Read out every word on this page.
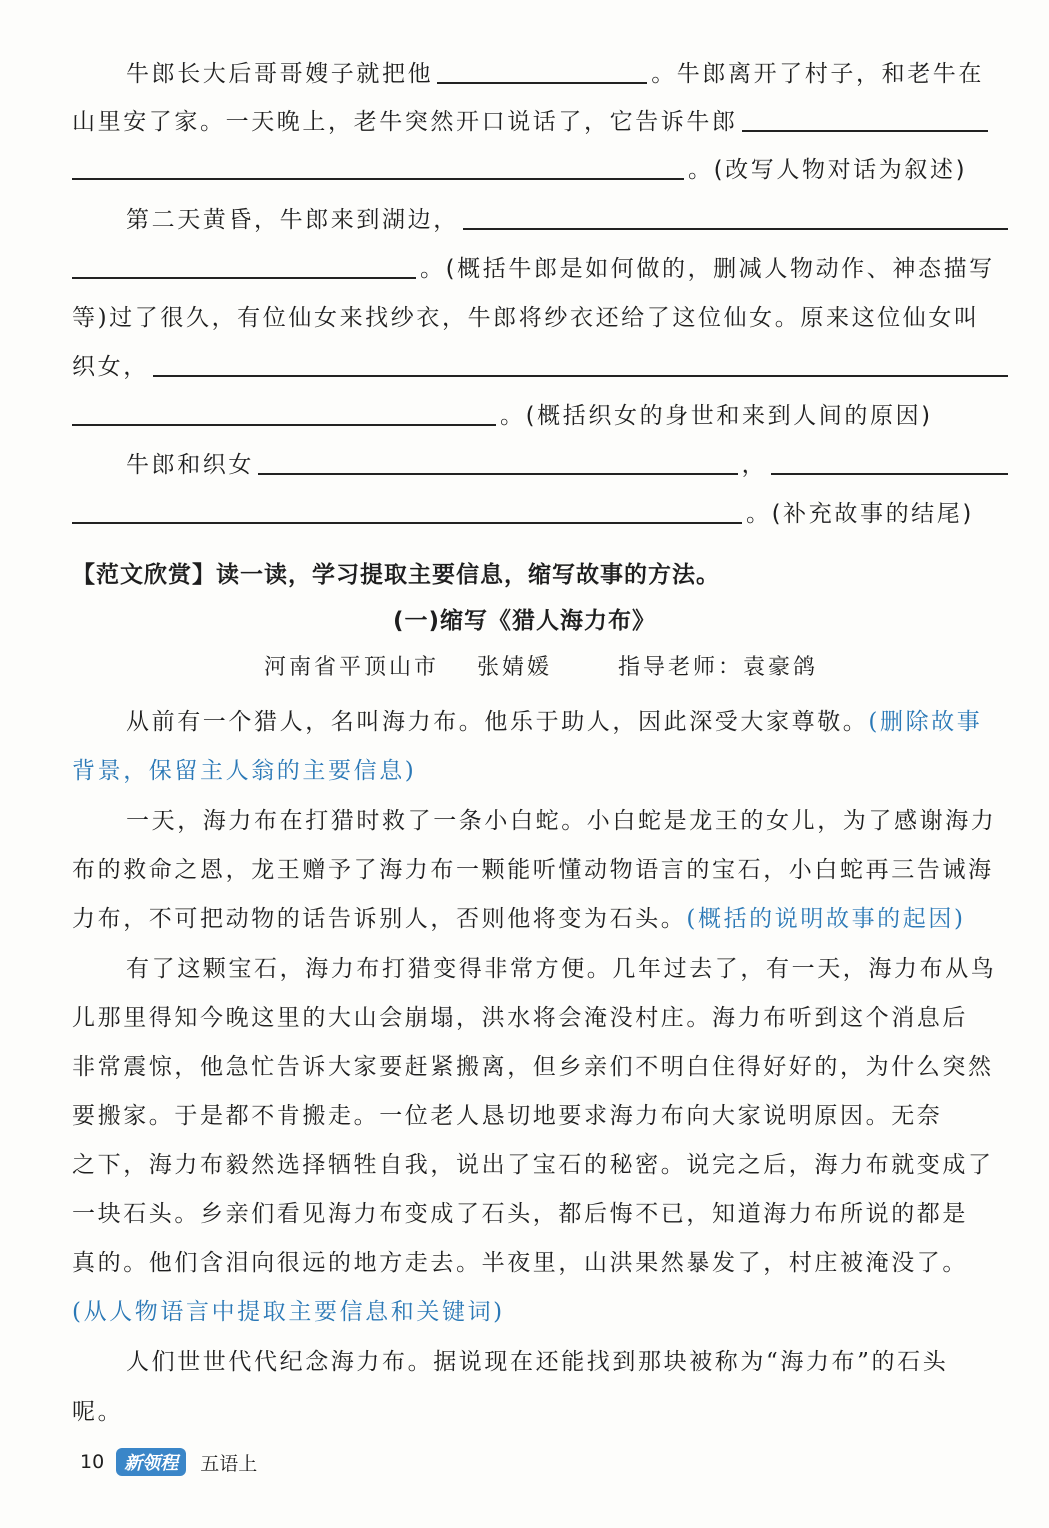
牛郎长大后哥哥嫂子就把他	。牛郎离开了村子，和老牛在
山里安了家。一天晚上，老牛突然开口说话了，它告诉牛郎
。(改写人物对话为叙述)
第二天黄昏，牛郎来到湖边，
。(概括牛郎是如何做的，删减人物动作、神态描写
等)过了很久，有位仙女来找纱衣，牛郎将纱衣还给了这位仙女。原来这位仙女叫
织女，
。(概括织女的身世和来到人间的原因)
牛郎和织女	，
。(补充故事的结尾)
【范文欣赏】读一读，学习提取主要信息，缩写故事的方法。
(一)缩写《猎人海力布》
河南省平顶山市 张婧媛	指导老师：袁豪鸽
从前有一个猎人，名叫海力布。他乐于助人，因此深受大家尊敬。 (删除故事
背景，保留主人翁的主要信息)
一天，海力布在打猎时救了一条小白蛇。小白蛇是龙王的女儿，为了感谢海力
布的救命之恩，龙王赠予了海力布一颗能听懂动物语言的宝石，小白蛇再三告诫海
力布，不可把动物的话告诉别人，否则他将变为石头。 (概括的说明故事的起因)
有了这颗宝石，海力布打猎变得非常方便。几年过去了，有一天，海力布从鸟
儿那里得知今晚这里的大山会崩塌，洪水将会淹没村庄。海力布听到这个消息后
非常震惊，他急忙告诉大家要赶紧搬离，但乡亲们不明白住得好好的，为什么突然
要搬家。于是都不肯搬走。一位老人恳切地要求海力布向大家说明原因。无奈
之下，海力布毅然选择牺牲自我，说出了宝石的秘密。说完之后，海力布就变成了
一块石头。乡亲们看见海力布变成了石头，都后悔不已，知道海力布所说的都是
真的。他们含泪向很远的地方走去。半夜里，山洪果然暴发了，村庄被淹没了。
(从人物语言中提取主要信息和关键词)
人们世世代代纪念海力布。据说现在还能找到那块被称为“海力布”的石头
呢。
10	新领程	五语上
